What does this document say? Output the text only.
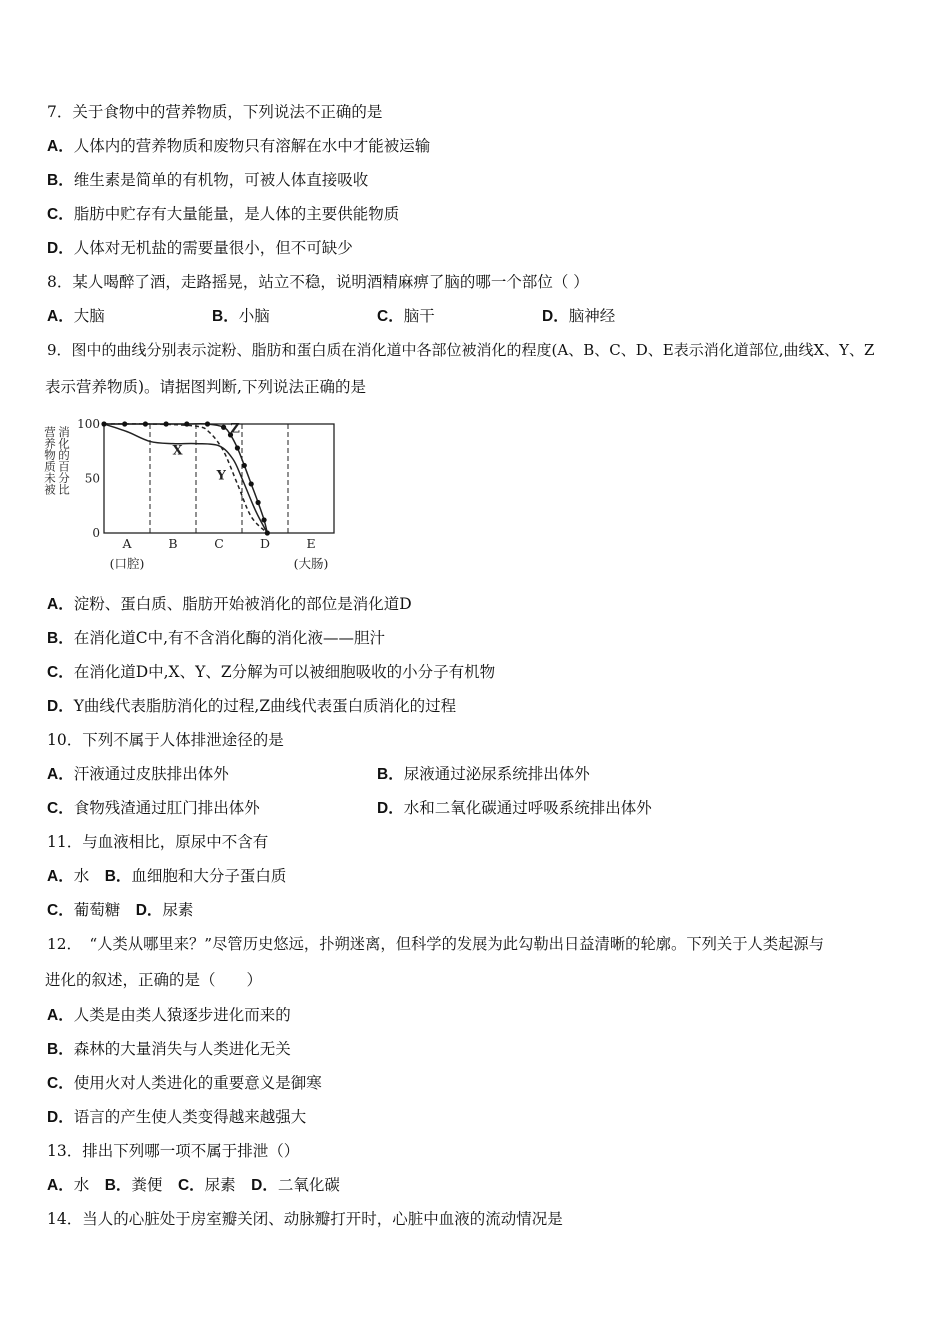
7．关于食物中的营养物质，下列说法不正确的是
A．人体内的营养物质和废物只有溶解在水中才能被运输
B．维生素是简单的有机物，可被人体直接吸收
C．脂肪中贮存有大量能量，是人体的主要供能物质
D．人体对无机盐的需要量很小，但不可缺少
8．某人喝醉了酒，走路摇晃，站立不稳，说明酒精麻痹了脑的哪一个部位（ ）
A．大脑	B．小脑	C．脑干	D．脑神经
9．图中的曲线分别表示淀粉、脂肪和蛋白质在消化道中各部位被消化的程度(A、B、C、D、E表示消化道部位,曲线X、Y、Z
表示营养物质)。请据图判断,下列说法正确的是
0
50
100
营养物质未被 消化的百分比
A
(口腔)
B	C	D	E
(大肠)
X
Y
Z
A．淀粉、蛋白质、脂肪开始被消化的部位是消化道D
B．在消化道C中,有不含消化酶的消化液——胆汁
C．在消化道D中,X、Y、Z分解为可以被细胞吸收的小分子有机物
D．Y曲线代表脂肪消化的过程,Z曲线代表蛋白质消化的过程
10．下列不属于人体排泄途径的是
A．汗液通过皮肤排出体外	B．尿液通过泌尿系统排出体外
C．食物残渣通过肛门排出体外	D．水和二氧化碳通过呼吸系统排出体外
11．与血液相比，原尿中不含有
A．水  B．血细胞和大分子蛋白质
C．葡萄糖  D．尿素
12．　“人类从哪里来？”尽管历史悠远，扑朔迷离，但科学的发展为此勾勒出日益清晰的轮廓。下列关于人类起源与
进化的叙述，正确的是（　　）
A．人类是由类人猿逐步进化而来的
B．森林的大量消失与人类进化无关
C．使用火对人类进化的重要意义是御寒
D．语言的产生使人类变得越来越强大
13．排出下列哪一项不属于排泄（）
A．水  B．粪便  C．尿素  D．二氧化碳
14．当人的心脏处于房室瓣关闭、动脉瓣打开时，心脏中血液的流动情况是
